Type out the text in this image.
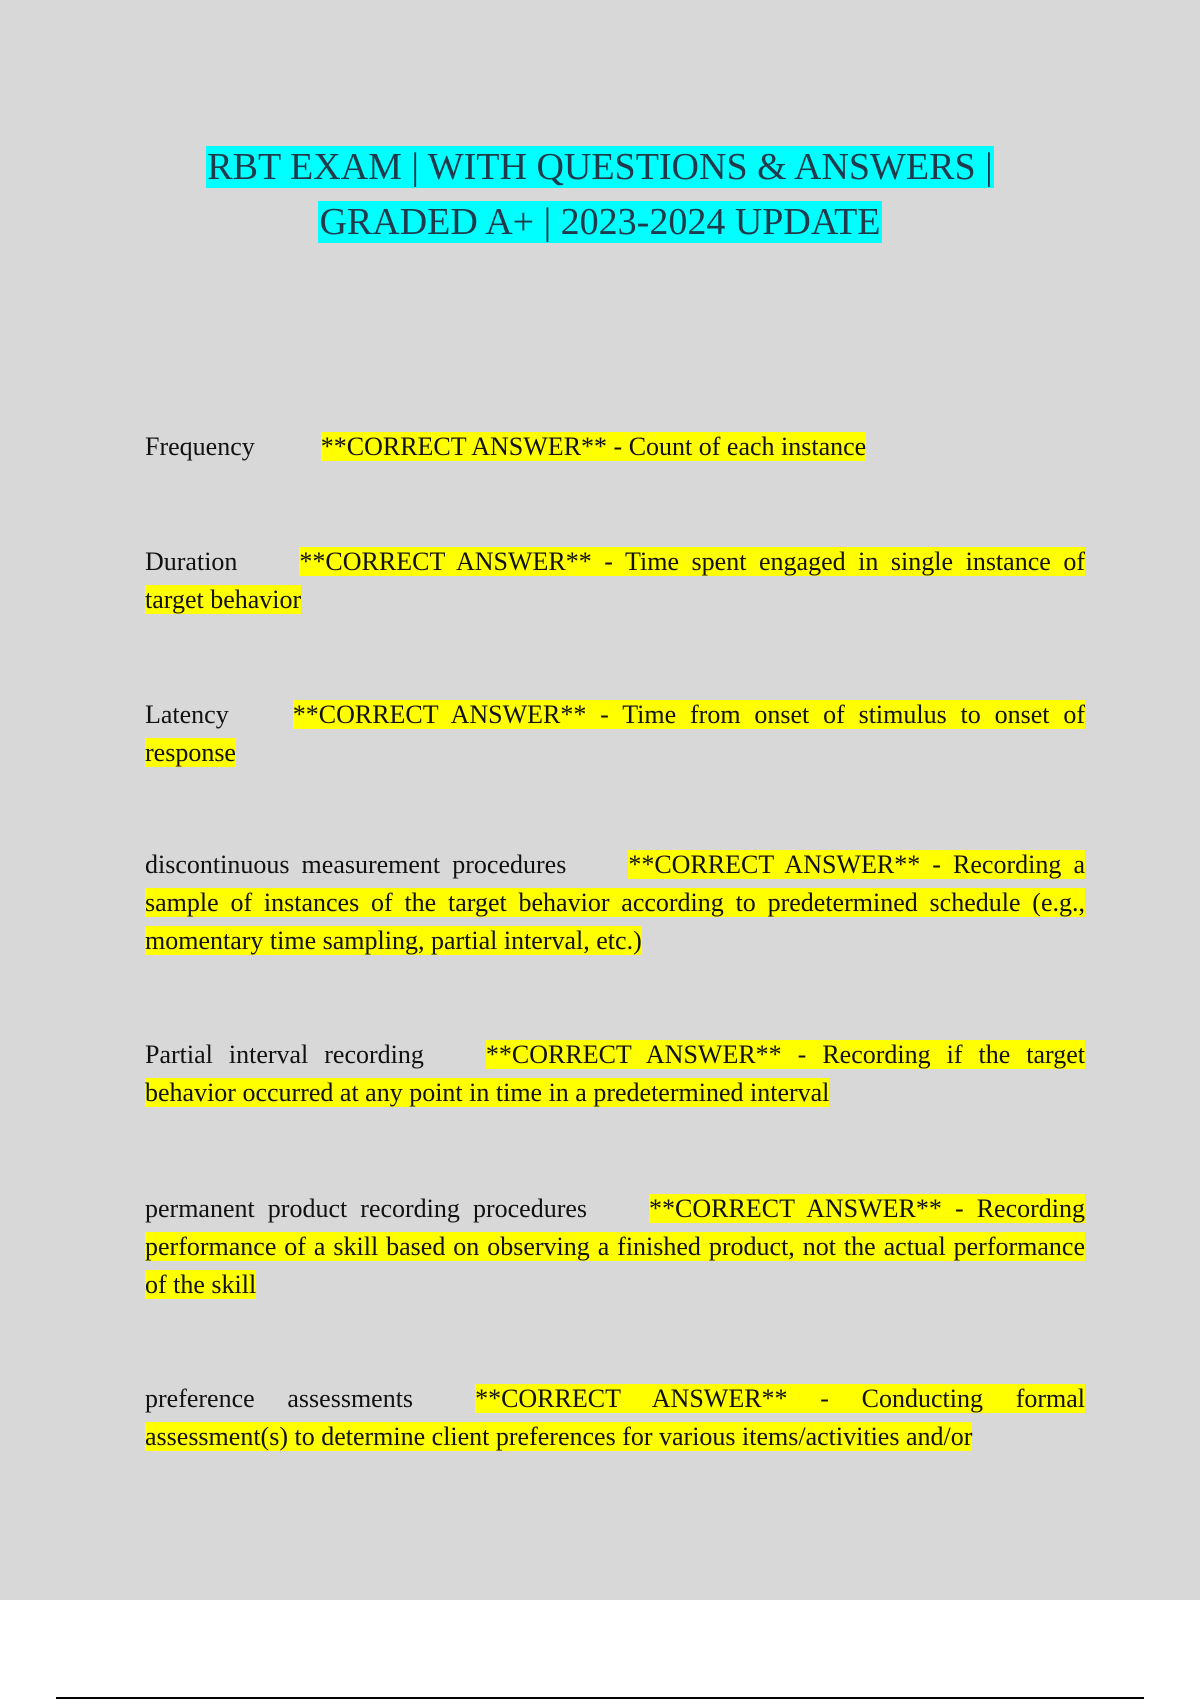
RBT EXAM | WITH QUESTIONS & ANSWERS |
GRADED A+ | 2023-2024 UPDATE
Frequency	**CORRECT ANSWER** - Count of each instance
Duration **CORRECT ANSWER** - Time spent engaged in single instance of target behavior
Latency **CORRECT ANSWER** - Time from onset of stimulus to onset of response
discontinuous measurement procedures **CORRECT ANSWER** - Recording a sample of instances of the target behavior according to predetermined schedule (e.g., momentary time sampling, partial interval, etc.)
Partial interval recording **CORRECT ANSWER** - Recording if the target behavior occurred at any point in time in a predetermined interval
permanent product recording procedures **CORRECT ANSWER** - Recording performance of a skill based on observing a finished product, not the actual performance of the skill
preference assessments **CORRECT ANSWER** - Conducting formal assessment(s) to determine client preferences for various items/activities and/or
